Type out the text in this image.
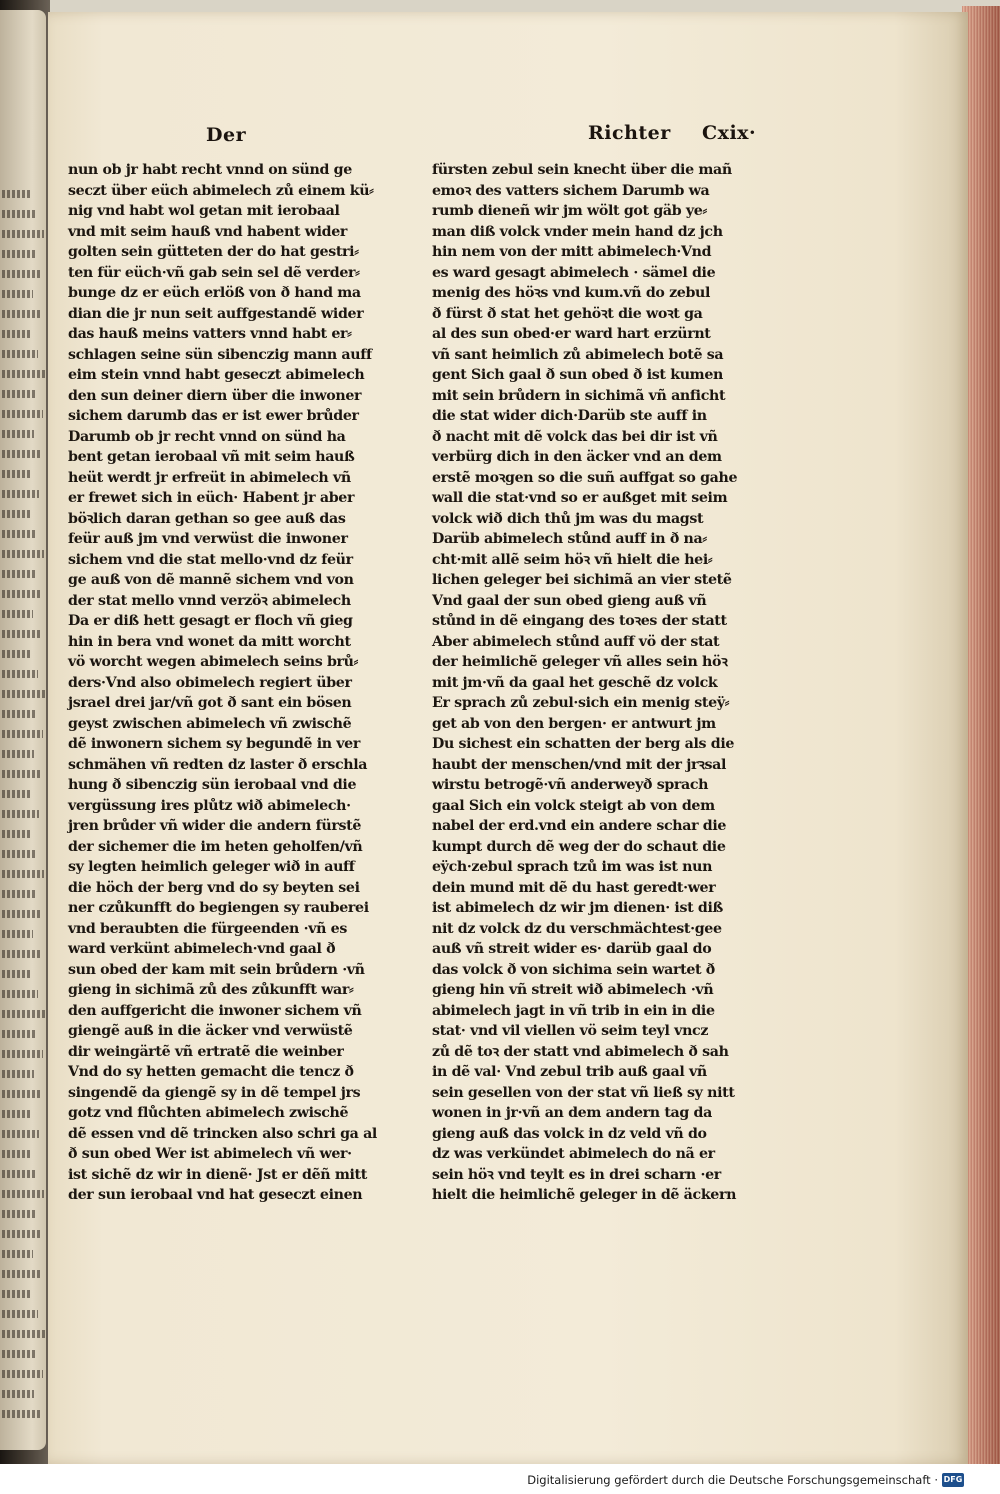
Der	Richter Cxix·
nun ob jr habt recht vnnd on sünd ge
seczt über eüch abimelech zů einem kü⸗
nig vnd habt wol getan mit ierobaal
vnd mit seim hauß vnd habent wider
golten sein gütteten der do hat gestri⸗
ten für eüch·vñ gab sein sel dẽ verder⸗
bunge dz er eüch erlöß von ð hand ma
dian die jr nun seit auffgestandẽ wider
das hauß meins vatters vnnd habt er⸗
schlagen seine sün sibenczig mann auff
eim stein vnnd habt geseczt abimelech
den sun deiner diern über die inwoner
sichem darumb das er ist ewer brůder
Darumb ob jr recht vnnd on sünd ha
bent getan ierobaal vñ mit seim hauß
heüt werdt jr erfreüt in abimelech vñ
er frewet sich in eüch· Habent jr aber
böꝛlich daran gethan so gee auß das
feür auß jm vnd verwüst die inwoner
sichem vnd die stat mello·vnd dz feür
ge auß von dẽ mannẽ sichem vnd von
der stat mello vnnd verzöꝛ abimelech
Da er diß hett gesagt er floch vñ gieg
hin in bera vnd wonet da mitt worcht
vö worcht wegen abimelech seins brů⸗
ders·Vnd also obimelech regiert über
jsrael drei jar/vñ got ð sant ein bösen
geyst zwischen abimelech vñ zwischẽ
dẽ inwonern sichem sy begundẽ in ver
schmähen vñ redten dz laster ð erschla
hung ð sibenczig sün ierobaal vnd die
vergüssung ires plůtz wið abimelech·
jren brůder vñ wider die andern fürstẽ
der sichemer die im heten geholfen/vñ
sy legten heimlich geleger wið in auff
die höch der berg vnd do sy beyten sei
ner czůkunfft do begiengen sy rauberei
vnd beraubten die fürgeenden ·vñ es
ward verkünt abimelech·vnd gaal ð
sun obed der kam mit sein brůdern ·vñ
gieng in sichimã zů des zůkunfft war⸗
den auffgericht die inwoner sichem vñ
giengẽ auß in die äcker vnd verwüstẽ
dir weingärtẽ vñ ertratẽ die weinber
Vnd do sy hetten gemacht die tencz ð
singendẽ da giengẽ sy in dẽ tempel jrs
gotz vnd flůchten abimelech zwischẽ
dẽ essen vnd dẽ trincken also schri ga al
ð sun obed Wer ist abimelech vñ wer·
ist sichẽ dz wir in dienẽ· Jst er dẽñ mitt
der sun ierobaal vnd hat geseczt einen
fürsten zebul sein knecht über die mañ
emoꝛ des vatters sichem Darumb wa
rumb dieneñ wir jm wölt got gäb ye⸗
man diß volck vnder mein hand dz jch
hin nem von der mitt abimelech·Vnd
es ward gesagt abimelech · sämel die
menig des höꝛs vnd kum.vñ do zebul
ð fürst ð stat het gehöꝛt die woꝛt ga
al des sun obed·er ward hart erzürnt
vñ sant heimlich zů abimelech botẽ sa
gent Sich gaal ð sun obed ð ist kumen
mit sein brůdern in sichimã vñ anficht
die stat wider dich·Darüb ste auff in
ð nacht mit dẽ volck das bei dir ist vñ
verbürg dich in den äcker vnd an dem
erstẽ moꝛgen so die suñ auffgat so gahe
wall die stat·vnd so er außget mit seim
volck wið dich thů jm was du magst
Darüb abimelech stůnd auff in ð na⸗
cht·mit allẽ seim höꝛ vñ hielt die hei⸗
lichen geleger bei sichimã an vier stetẽ
Vnd gaal der sun obed gieng auß vñ
stůnd in dẽ eingang des toꝛes der statt
Aber abimelech stůnd auff vö der stat
der heimlichẽ geleger vñ alles sein höꝛ
mit jm·vñ da gaal het geschẽ dz volck
Er sprach zů zebul·sich ein menig steÿ⸗
get ab von den bergen· er antwurt jm
Du sichest ein schatten der berg als die
haubt der menschen/vnd mit der jrꝛsal
wirstu betrogẽ·vñ anderweyð sprach
gaal Sich ein volck steigt ab von dem
nabel der erd.vnd ein andere schar die
kumpt durch dẽ weg der do schaut die
eÿch·zebul sprach tzů im was ist nun
dein mund mit dẽ du hast geredt·wer
ist abimelech dz wir jm dienen· ist diß
nit dz volck dz du verschmächtest·gee
auß vñ streit wider es· darüb gaal do
das volck ð von sichima sein wartet ð
gieng hin vñ streit wið abimelech ·vñ
abimelech jagt in vñ trib in ein in die
stat· vnd vil viellen vö seim teyl vncz
zů dẽ toꝛ der statt vnd abimelech ð sah
in dẽ val· Vnd zebul trib auß gaal vñ
sein gesellen von der stat vñ ließ sy nitt
wonen in jr·vñ an dem andern tag da
gieng auß das volck in dz veld vñ do
dz was verkündet abimelech do nã er
sein höꝛ vnd teylt es in drei scharn ·er
hielt die heimlichẽ geleger in dẽ äckern
Digitalisierung gefördert durch die Deutsche Forschungsgemeinschaft · DFG
